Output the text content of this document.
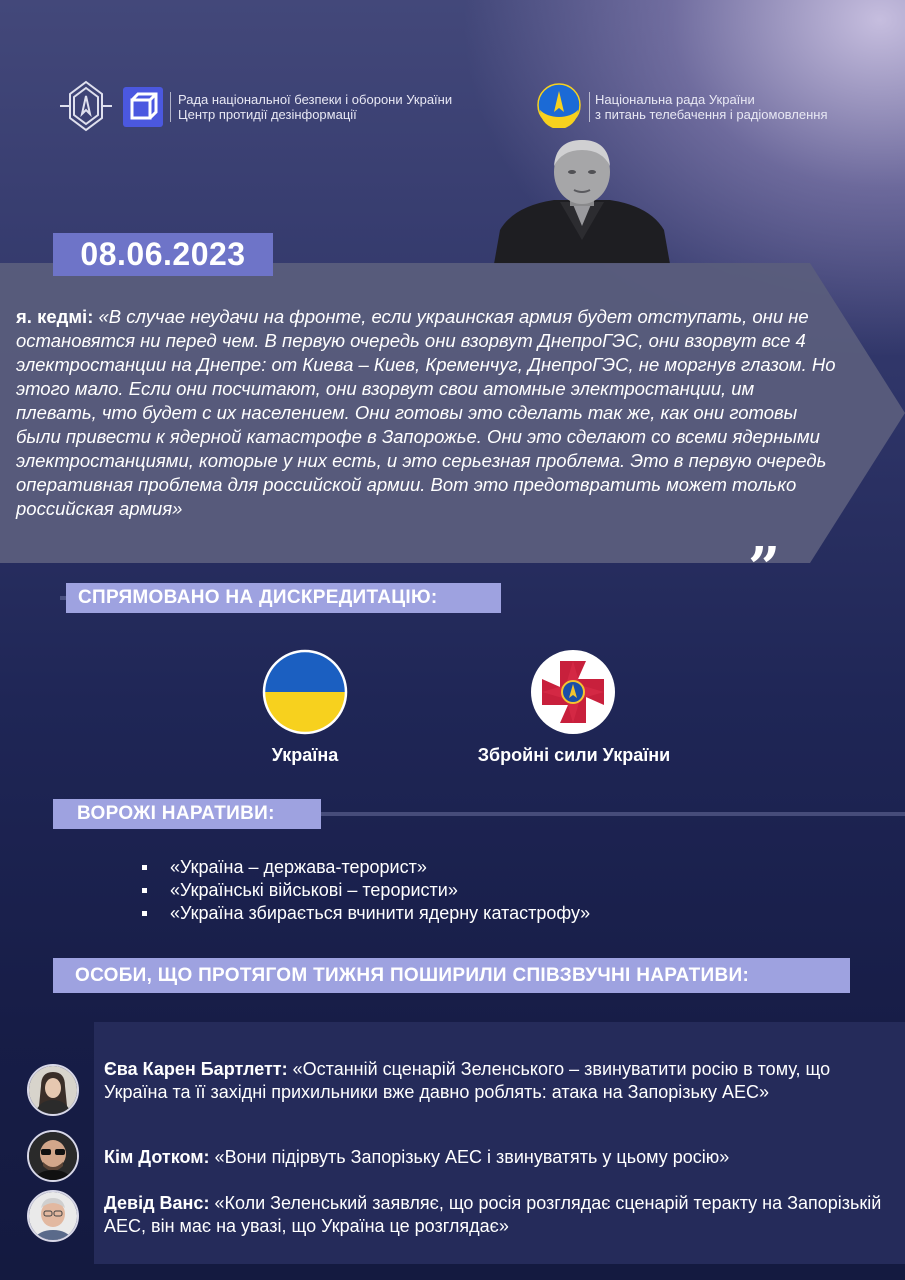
Рада національної безпеки і оборони України
Центр протидії дезінформації
Національна рада України
з питань телебачення і радіомовлення
08.06.2023
я. кедмі: «В случае неудачи на фронте, если украинская армия будет отступать, они не остановятся ни перед чем. В первую очередь они взорвут ДнепроГЭС, они взорвут все 4 электростанции на Днепре: от Киева – Киев, Кременчуг, ДнепроГЭС, не моргнув глазом. Но этого мало. Если они посчитают, они взорвут свои атомные электростанции, им плевать, что будет с их населением. Они готовы это сделать так же, как они готовы были привести к ядерной катастрофе в Запорожье. Они это сделают со всеми ядерными электростанциями, которые у них есть, и это серьезная проблема. Это в первую очередь оперативная проблема для российской армии. Вот это предотвратить может только российская армия»
”
СПРЯМОВАНО НА ДИСКРЕДИТАЦІЮ:
Україна	Збройні сили України
ВОРОЖІ НАРАТИВИ:
«Україна – держава-терорист»
«Українські військові – терористи»
«Україна збирається вчинити ядерну катастрофу»
ОСОБИ, ЩО ПРОТЯГОМ ТИЖНЯ ПОШИРИЛИ СПІВЗВУЧНІ НАРАТИВИ:
Єва Карен Бартлетт: «Останній сценарій Зеленського – звинуватити росію в тому, що Україна та її західні прихильники вже давно роблять: атака на Запорізьку АЕС»
Кім Дотком: «Вони підірвуть Запорізьку АЕС і звинуватять у цьому росію»
Девід Ванс: «Коли Зеленський заявляє, що росія розглядає сценарій теракту на Запорізькій АЕС, він має на увазі, що Україна це розглядає»
